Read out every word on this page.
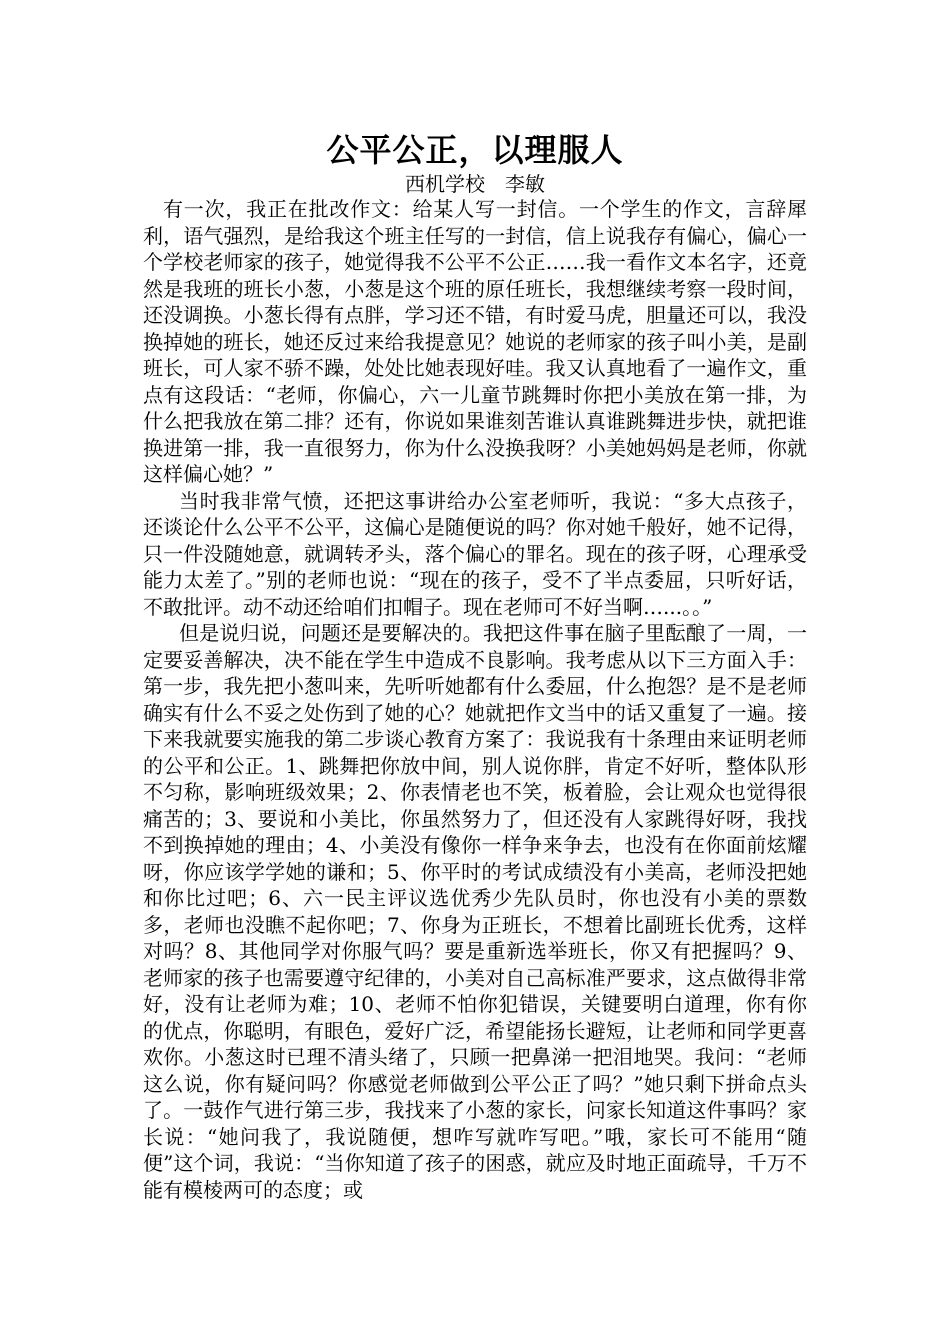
公平公正，以理服人

西机学校　李敏

有一次，我正在批改作文：给某人写一封信。一个学生的作文，言辞犀利，语气强烈，是给我这个班主任写的一封信，信上说我存有偏心，偏心一个学校老师家的孩子，她觉得我不公平不公正……我一看作文本名字，还竟然是我班的班长小葱，小葱是这个班的原任班长，我想继续考察一段时间，还没调换。小葱长得有点胖，学习还不错，有时爱马虎，胆量还可以，我没换掉她的班长，她还反过来给我提意见？她说的老师家的孩子叫小美，是副班长，可人家不骄不躁，处处比她表现好哇。我又认真地看了一遍作文，重点有这段话：“老师，你偏心，六一儿童节跳舞时你把小美放在第一排，为什么把我放在第二排？还有，你说如果谁刻苦谁认真谁跳舞进步快，就把谁换进第一排，我一直很努力，你为什么没换我呀？小美她妈妈是老师，你就这样偏心她？”

当时我非常气愤，还把这事讲给办公室老师听，我说：“多大点孩子，还谈论什么公平不公平，这偏心是随便说的吗？你对她千般好，她不记得，只一件没随她意，就调转矛头，落个偏心的罪名。现在的孩子呀，心理承受能力太差了。”别的老师也说：“现在的孩子，受不了半点委屈，只听好话，不敢批评。动不动还给咱们扣帽子。现在老师可不好当啊…...。。”

但是说归说，问题还是要解决的。我把这件事在脑子里酝酿了一周，一定要妥善解决，决不能在学生中造成不良影响。我考虑从以下三方面入手：第一步，我先把小葱叫来，先听听她都有什么委屈，什么抱怨？是不是老师确实有什么不妥之处伤到了她的心？她就把作文当中的话又重复了一遍。接下来我就要实施我的第二步谈心教育方案了：我说我有十条理由来证明老师的公平和公正。1、跳舞把你放中间，别人说你胖，肯定不好听，整体队形不匀称，影响班级效果；2、你表情老也不笑，板着脸，会让观众也觉得很痛苦的；3、要说和小美比，你虽然努力了，但还没有人家跳得好呀，我找不到换掉她的理由；4、小美没有像你一样争来争去，也没有在你面前炫耀呀，你应该学学她的谦和；5、你平时的考试成绩没有小美高，老师没把她和你比过吧；6、六一民主评议选优秀少先队员时，你也没有小美的票数多，老师也没瞧不起你吧；7、你身为正班长，不想着比副班长优秀，这样对吗？8、其他同学对你服气吗？要是重新选举班长，你又有把握吗？9、老师家的孩子也需要遵守纪律的，小美对自己高标准严要求，这点做得非常好，没有让老师为难；10、老师不怕你犯错误，关键要明白道理，你有你的优点，你聪明，有眼色，爱好广泛，希望能扬长避短，让老师和同学更喜欢你。小葱这时已理不清头绪了，只顾一把鼻涕一把泪地哭。我问：“老师这么说，你有疑问吗？你感觉老师做到公平公正了吗？”她只剩下拼命点头了。一鼓作气进行第三步，我找来了小葱的家长，问家长知道这件事吗？家长说：“她问我了，我说随便，想咋写就咋写吧。”哦，家长可不能用“随便”这个词，我说：“当你知道了孩子的困惑，就应及时地正面疏导，千万不能有模棱两可的态度；或
